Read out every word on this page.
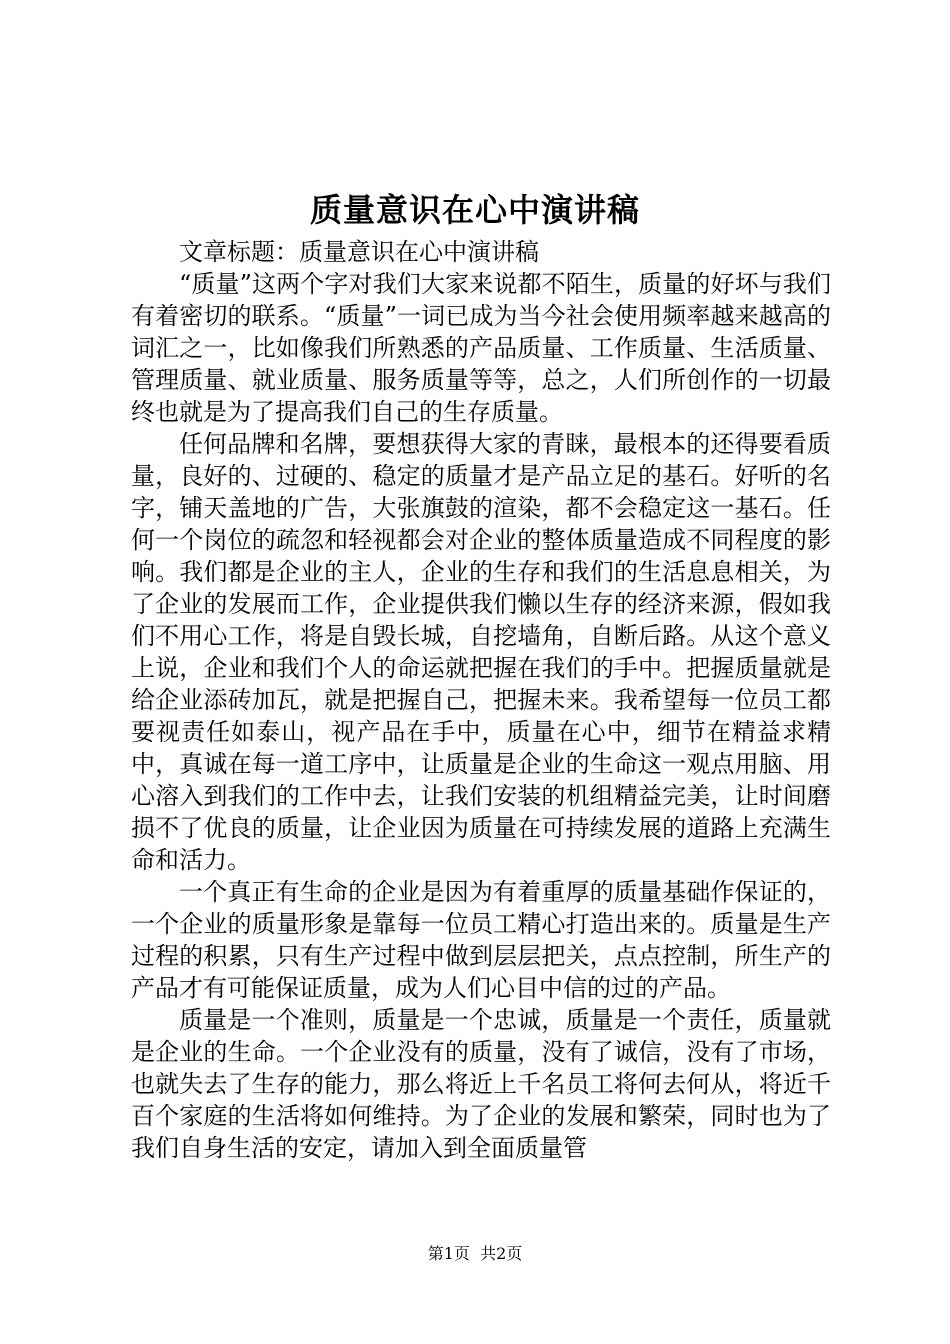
质量意识在心中演讲稿

文章标题：质量意识在心中演讲稿

“质量”这两个字对我们大家来说都不陌生，质量的好坏与我们有着密切的联系。“质量”一词已成为当今社会使用频率越来越高的词汇之一，比如像我们所熟悉的产品质量、工作质量、生活质量、管理质量、就业质量、服务质量等等，总之，人们所创作的一切最终也就是为了提高我们自己的生存质量。

任何品牌和名牌，要想获得大家的青睐，最根本的还得要看质量，良好的、过硬的、稳定的质量才是产品立足的基石。好听的名字，铺天盖地的广告，大张旗鼓的渲染，都不会稳定这一基石。任何一个岗位的疏忽和轻视都会对企业的整体质量造成不同程度的影响。我们都是企业的主人，企业的生存和我们的生活息息相关，为了企业的发展而工作，企业提供我们懒以生存的经济来源，假如我们不用心工作，将是自毁长城，自挖墙角，自断后路。从这个意义上说，企业和我们个人的命运就把握在我们的手中。把握质量就是给企业添砖加瓦，就是把握自己，把握未来。我希望每一位员工都要视责任如泰山，视产品在手中，质量在心中，细节在精益求精中，真诚在每一道工序中，让质量是企业的生命这一观点用脑、用心溶入到我们的工作中去，让我们安装的机组精益完美，让时间磨损不了优良的质量，让企业因为质量在可持续发展的道路上充满生命和活力。

一个真正有生命的企业是因为有着重厚的质量基础作保证的，一个企业的质量形象是靠每一位员工精心打造出来的。质量是生产过程的积累，只有生产过程中做到层层把关，点点控制，所生产的产品才有可能保证质量，成为人们心目中信的过的产品。

质量是一个准则，质量是一个忠诚，质量是一个责任，质量就是企业的生命。一个企业没有的质量，没有了诚信，没有了市场，也就失去了生存的能力，那么将近上千名员工将何去何从，将近千百个家庭的生活将如何维持。为了企业的发展和繁荣，同时也为了我们自身生活的安定，请加入到全面质量管

第1页 共2页
